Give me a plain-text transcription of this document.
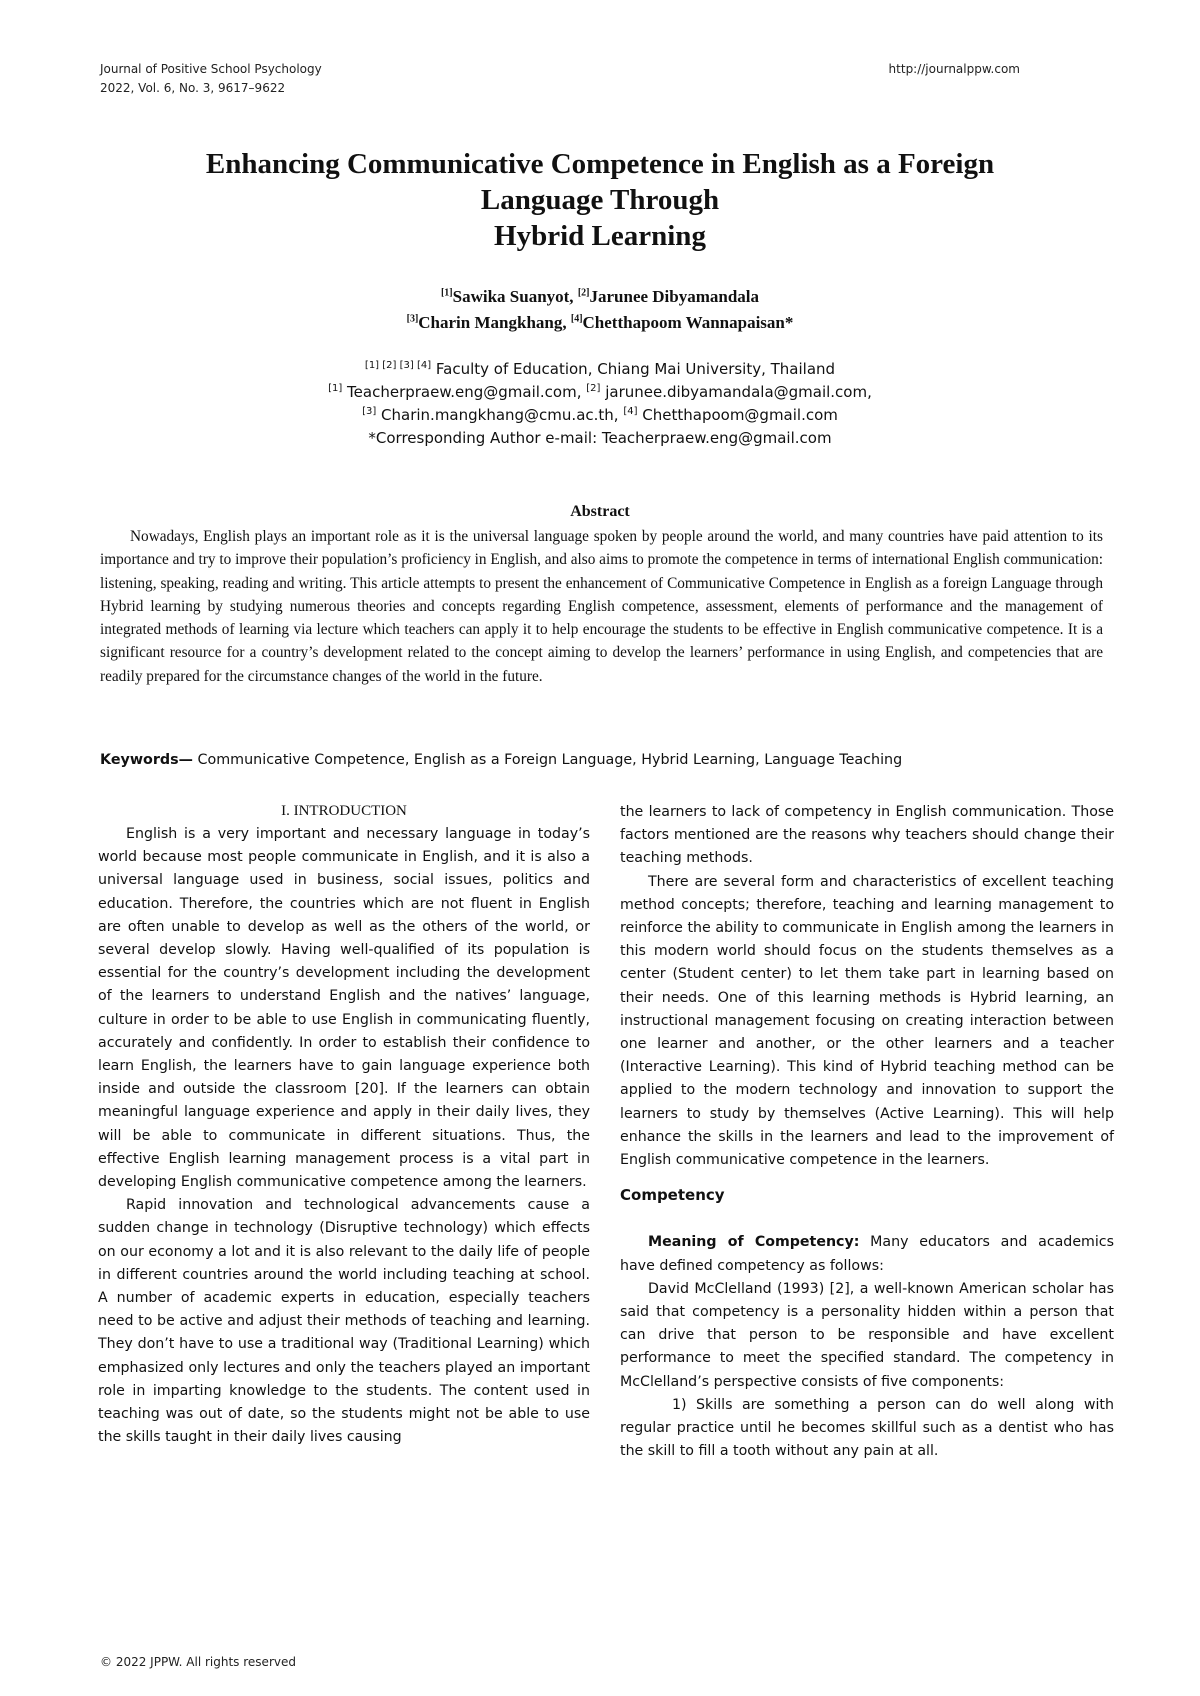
Journal of Positive School Psychology
2022, Vol. 6, No. 3, 9617–9622
http://journalppw.com
Enhancing Communicative Competence in English as a Foreign
Language Through
Hybrid Learning
[1]Sawika Suanyot, [2]Jarunee Dibyamandala
[3]Charin Mangkhang, [4]Chetthapoom Wannapaisan*
[1] [2] [3] [4] Faculty of Education, Chiang Mai University, Thailand
[1] Teacherpraew.eng@gmail.com, [2] jarunee.dibyamandala@gmail.com,
[3] Charin.mangkhang@cmu.ac.th, [4] Chetthapoom@gmail.com
*Corresponding Author e-mail: Teacherpraew.eng@gmail.com
Abstract

Nowadays, English plays an important role as it is the universal language spoken by people around the world, and many countries have paid attention to its importance and try to improve their population’s proficiency in English, and also aims to promote the competence in terms of international English communication: listening, speaking, reading and writing. This article attempts to present the enhancement of Communicative Competence in English as a foreign Language through Hybrid learning by studying numerous theories and concepts regarding English competence, assessment, elements of performance and the management of integrated methods of learning via lecture which teachers can apply it to help encourage the students to be effective in English communicative competence. It is a significant resource for a country’s development related to the concept aiming to develop the learners’ performance in using English, and competencies that are readily prepared for the circumstance changes of the world in the future.

Keywords— Communicative Competence, English as a Foreign Language, Hybrid Learning, Language Teaching

I. INTRODUCTION

English is a very important and necessary language in today’s world because most people communicate in English, and it is also a universal language used in business, social issues, politics and education. Therefore, the countries which are not fluent in English are often unable to develop as well as the others of the world, or several develop slowly. Having well-qualified of its population is essential for the country’s development including the development of the learners to understand English and the natives’ language, culture in order to be able to use English in communicating fluently, accurately and confidently. In order to establish their confidence to learn English, the learners have to gain language experience both inside and outside the classroom [20]. If the learners can obtain meaningful language experience and apply in their daily lives, they will be able to communicate in different situations. Thus, the effective English learning management process is a vital part in developing English communicative competence among the learners.

Rapid innovation and technological advancements cause a sudden change in technology (Disruptive technology) which effects on our economy a lot and it is also relevant to the daily life of people in different countries around the world including teaching at school. A number of academic experts in education, especially teachers need to be active and adjust their methods of teaching and learning. They don’t have to use a traditional way (Traditional Learning) which emphasized only lectures and only the teachers played an important role in imparting knowledge to the students. The content used in teaching was out of date, so the students might not be able to use the skills taught in their daily lives causing

the learners to lack of competency in English communication. Those factors mentioned are the reasons why teachers should change their teaching methods.

There are several form and characteristics of excellent teaching method concepts; therefore, teaching and learning management to reinforce the ability to communicate in English among the learners in this modern world should focus on the students themselves as a center (Student center) to let them take part in learning based on their needs. One of this learning methods is Hybrid learning, an instructional management focusing on creating interaction between one learner and another, or the other learners and a teacher (Interactive Learning). This kind of Hybrid teaching method can be applied to the modern technology and innovation to support the learners to study by themselves (Active Learning). This will help enhance the skills in the learners and lead to the improvement of English communicative competence in the learners.

Competency

Meaning of Competency: Many educators and academics have defined competency as follows:

David McClelland (1993) [2], a well-known American scholar has said that competency is a personality hidden within a person that can drive that person to be responsible and have excellent performance to meet the specified standard. The competency in McClelland’s perspective consists of five components:

1) Skills are something a person can do well along with regular practice until he becomes skillful such as a dentist who has the skill to fill a tooth without any pain at all.

© 2022 JPPW. All rights reserved
